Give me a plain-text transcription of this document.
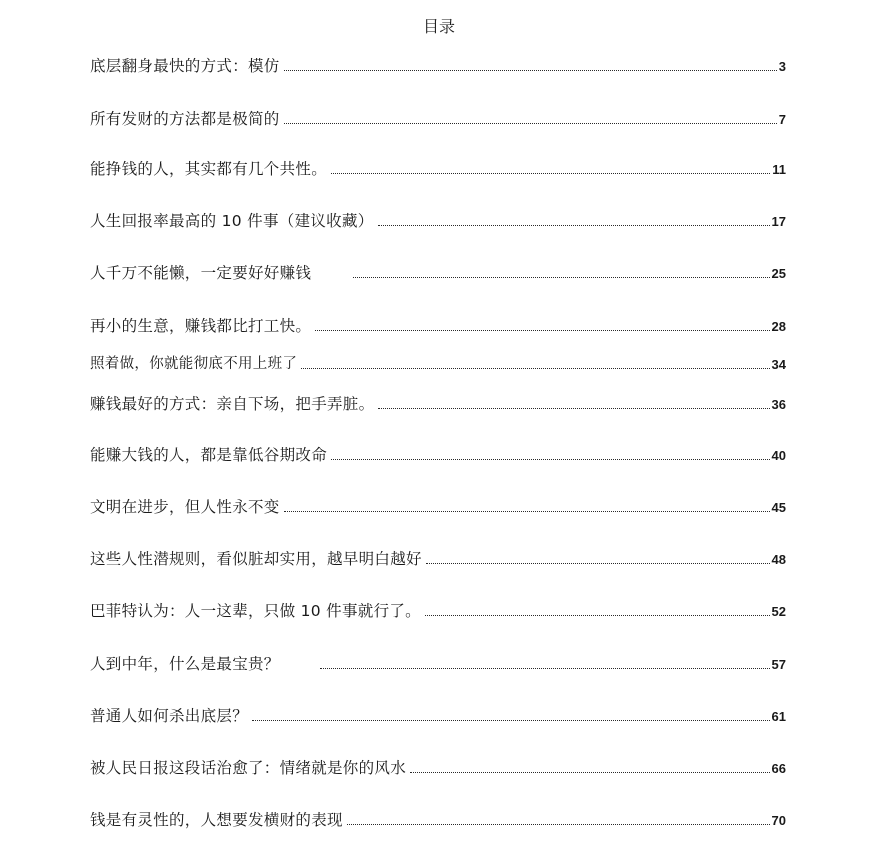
目录
底层翻身最快的方式：模仿	3
所有发财的方法都是极简的	7
能挣钱的人，其实都有几个共性。	11
人生回报率最高的 10 件事（建议收藏）	17
人千万不能懒，一定要好好赚钱	25
再小的生意，赚钱都比打工快。	28
照着做，你就能彻底不用上班了	34
赚钱最好的方式：亲自下场，把手弄脏。	36
能赚大钱的人，都是靠低谷期改命	40
文明在进步，但人性永不变	45
这些人性潜规则，看似脏却实用，越早明白越好	48
巴菲特认为：人一这辈，只做 10 件事就行了。	52
人到中年，什么是最宝贵？	57
普通人如何杀出底层？	61
被人民日报这段话治愈了：情绪就是你的风水	66
钱是有灵性的，人想要发横财的表现	70
